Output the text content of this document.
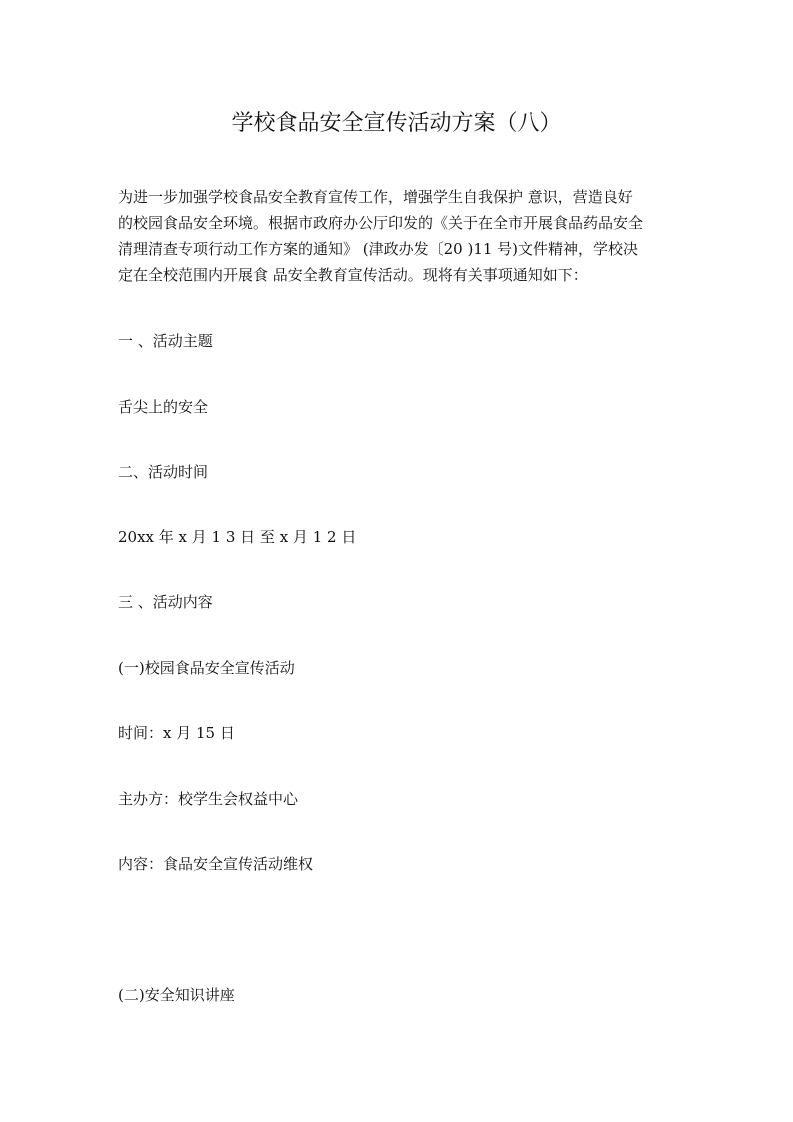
学校食品安全宣传活动方案（八）
为进一步加强学校食品安全教育宣传工作，增强学生自我保护 意识，营造良好
的校园食品安全环境。根据市政府办公厅印发的《关于在全市开展食品药品安全
清理清查专项行动工作方案的通知》 (津政办发〔20 )11 号)文件精神，学校决
定在全校范围内开展食 品安全教育宣传活动。现将有关事项通知如下：
一 、活动主题
舌尖上的安全
二、活动时间
20xx 年 x 月 1 3 日 至 x 月 1 2 日
三 、活动内容
(一)校园食品安全宣传活动
时间：x 月 15 日
主办方：校学生会权益中心
内容：食品安全宣传活动维权
(二)安全知识讲座
